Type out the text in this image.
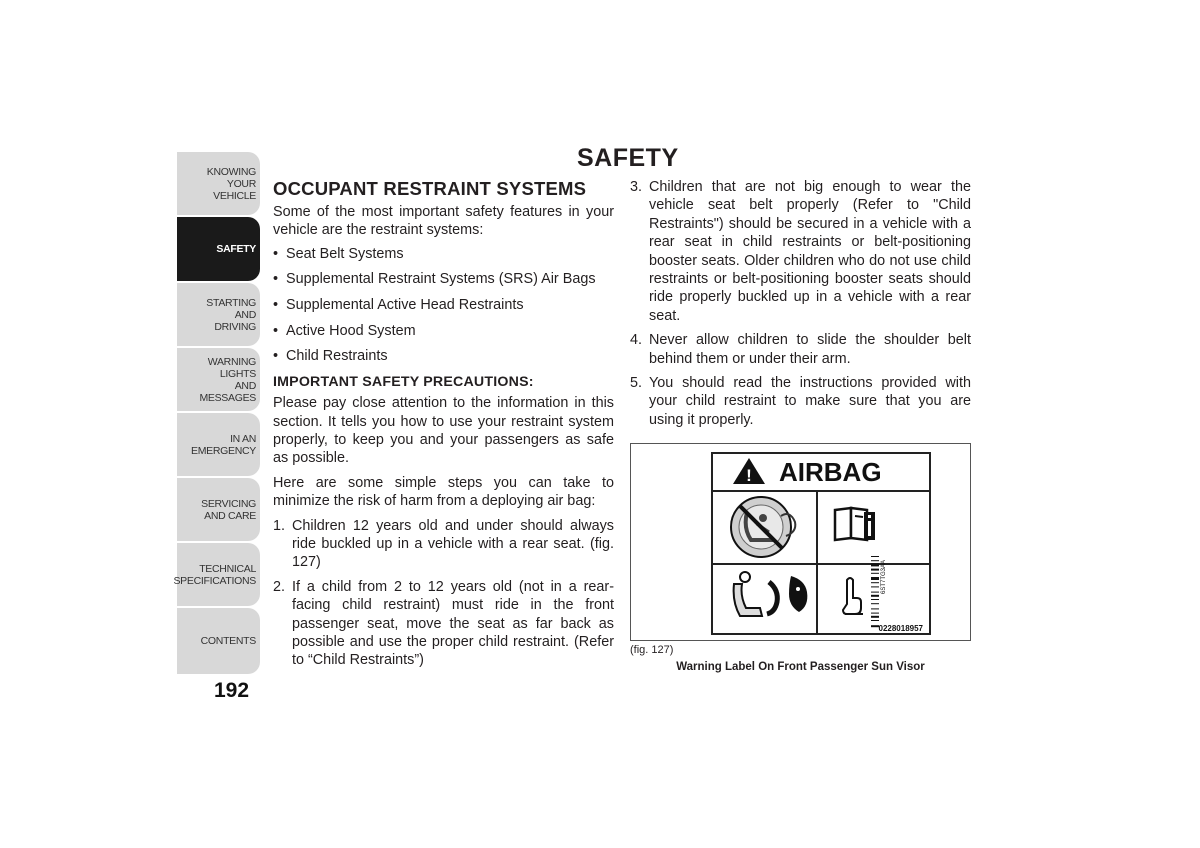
KNOWING
YOUR
VEHICLE
SAFETY
STARTING
AND
DRIVING
WARNING
LIGHTS
AND
MESSAGES
IN AN
EMERGENCY
SERVICING
AND CARE
TECHNICAL
SPECIFICATIONS
CONTENTS
192
SAFETY
OCCUPANT RESTRAINT SYSTEMS

Some of the most important safety features in your vehicle are the restraint systems:

• Seat Belt Systems
• Supplemental Restraint Systems (SRS) Air Bags
• Supplemental Active Head Restraints
• Active Hood System
• Child Restraints
IMPORTANT SAFETY PRECAUTIONS:

Please pay close attention to the information in this section. It tells you how to use your restraint system properly, to keep you and your passengers as safe as possible.

Here are some simple steps you can take to minimize the risk of harm from a deploying air bag:

1. Children 12 years old and under should always ride buckled up in a vehicle with a rear seat. (fig. 127)
2. If a child from 2 to 12 years old (not in a rear-facing child restraint) must ride in the front passenger seat, move the seat as far back as possible and use the proper child restraint. (Refer to “Child Restraints”)
3. Children that are not big enough to wear the vehicle seat belt properly (Refer to "Child Restraints") should be secured in a vehicle with a rear seat in child restraints or belt-positioning booster seats. Older children who do not use child restraints or belt-positioning booster seats should ride properly buckled up in a vehicle with a rear seat.
4. Never allow children to slide the shoulder belt behind them or under their arm.
5. You should read the instructions provided with your child restraint to make sure that you are using it properly.
! AIRBAG
6ST7TG3AA
0228018957
(fig. 127)
Warning Label On Front Passenger Sun Visor
